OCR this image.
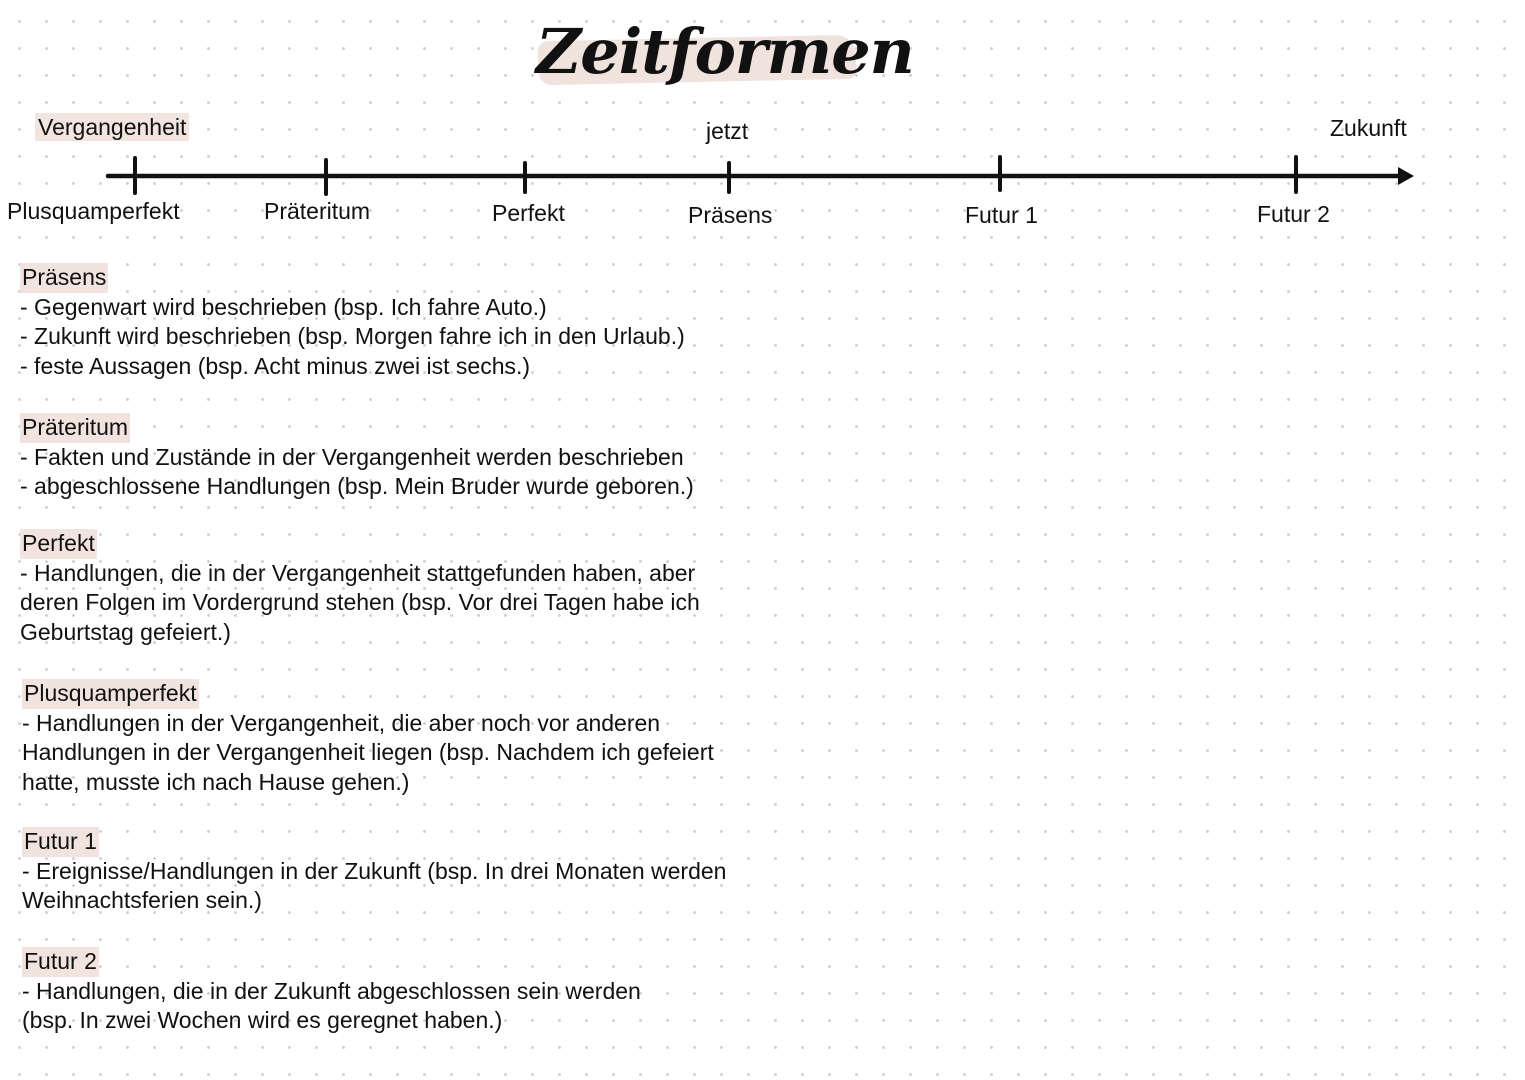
Zeitformen
Vergangenheit	jetzt	Zukunft
Plusquamperfekt	Präteritum	Perfekt	Präsens	Futur 1	Futur 2
Präsens

- Gegenwart wird beschrieben (bsp. Ich fahre Auto.)

- Zukunft wird beschrieben (bsp. Morgen fahre ich in den Urlaub.)

- feste Aussagen (bsp. Acht minus zwei ist sechs.)

Präteritum

- Fakten und Zustände in der Vergangenheit werden beschrieben

- abgeschlossene Handlungen (bsp. Mein Bruder wurde geboren.)

Perfekt

- Handlungen, die in der Vergangenheit stattgefunden haben, aber

deren Folgen im Vordergrund stehen (bsp. Vor drei Tagen habe ich

Geburtstag gefeiert.)

Plusquamperfekt

- Handlungen in der Vergangenheit, die aber noch vor anderen

Handlungen in der Vergangenheit liegen (bsp. Nachdem ich gefeiert

hatte, musste ich nach Hause gehen.)

Futur 1

- Ereignisse/Handlungen in der Zukunft (bsp. In drei Monaten werden

Weihnachtsferien sein.)

Futur 2

- Handlungen, die in der Zukunft abgeschlossen sein werden

(bsp. In zwei Wochen wird es geregnet haben.)
